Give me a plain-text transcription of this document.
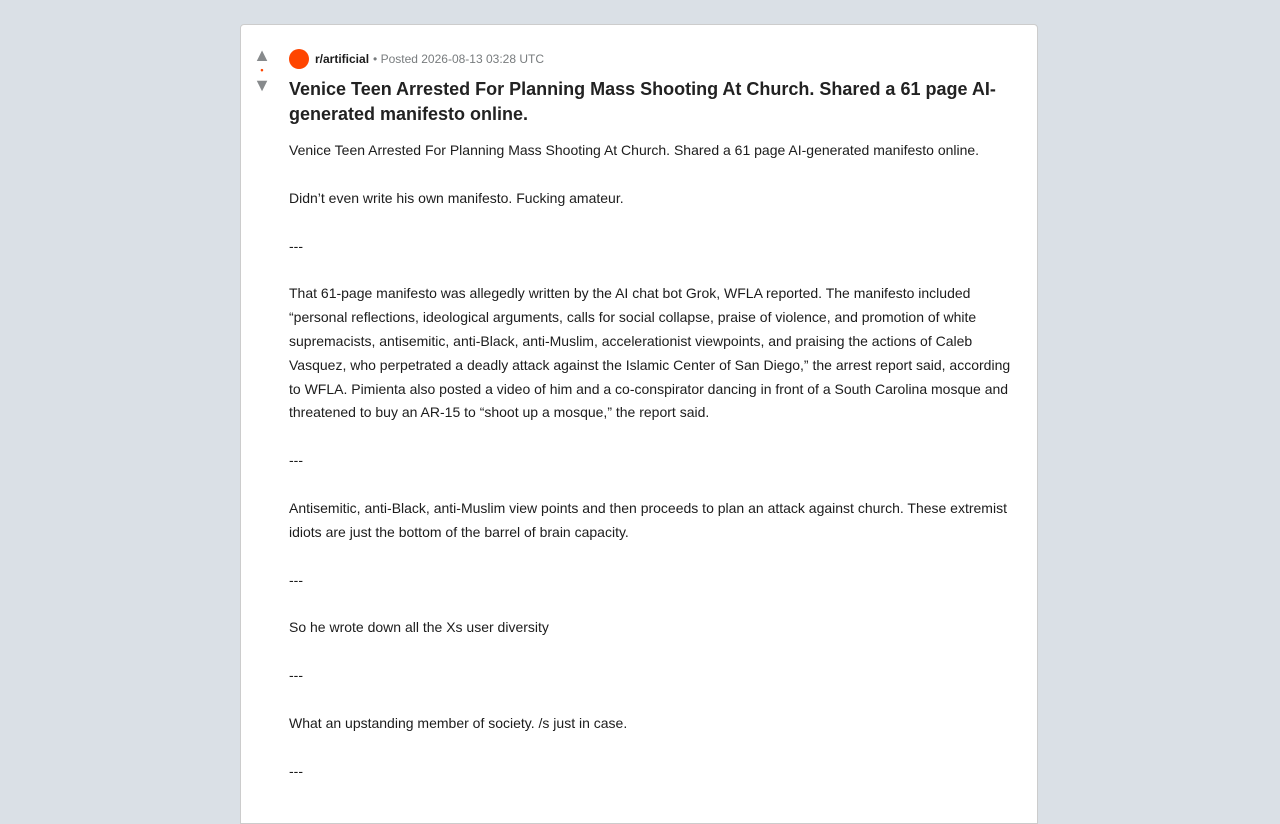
▲
•
▼
r/artificial • Posted 2026-08-13 03:28 UTC
Venice Teen Arrested For Planning Mass Shooting At Church. Shared a 61 page AI-generated manifesto online.

Venice Teen Arrested For Planning Mass Shooting At Church. Shared a 61 page AI-generated manifesto online.

Didn’t even write his own manifesto. Fucking amateur.

---

That 61-page manifesto was allegedly written by the AI chat bot Grok, WFLA reported. The manifesto included “personal reflections, ideological arguments, calls for social collapse, praise of violence, and promotion of white supremacists, antisemitic, anti-Black, anti-Muslim, accelerationist viewpoints, and praising the actions of Caleb Vasquez, who perpetrated a deadly attack against the Islamic Center of San Diego,” the arrest report said, according to WFLA. Pimienta also posted a video of him and a co-conspirator dancing in front of a South Carolina mosque and threatened to buy an AR-15 to “shoot up a mosque,” the report said.

---

Antisemitic, anti-Black, anti-Muslim view points and then proceeds to plan an attack against church. These extremist idiots are just the bottom of the barrel of brain capacity.

---

So he wrote down all the Xs user diversity

---

What an upstanding member of society. /s just in case.

---
